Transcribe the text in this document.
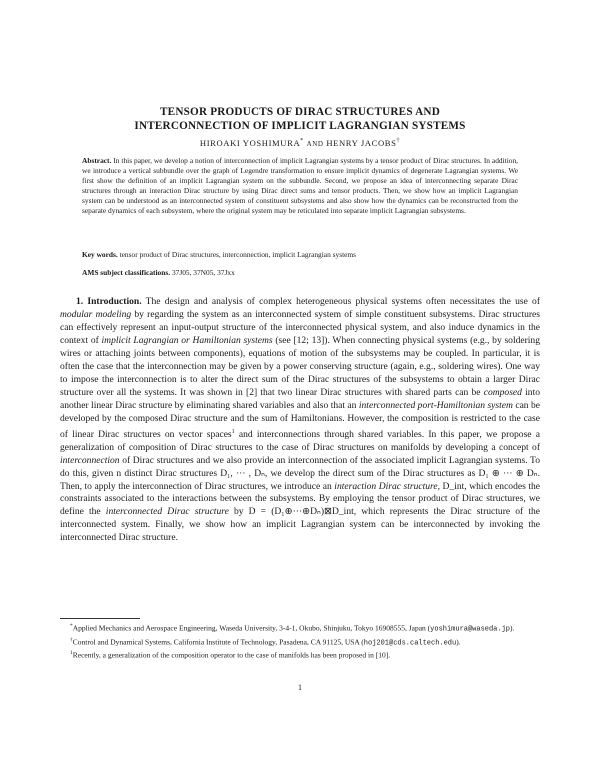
TENSOR PRODUCTS OF DIRAC STRUCTURES AND
INTERCONNECTION OF IMPLICIT LAGRANGIAN SYSTEMS
HIROAKI YOSHIMURA* AND HENRY JACOBS†
Abstract. In this paper, we develop a notion of interconnection of implicit Lagrangian systems by a tensor product of Dirac structures. In addition, we introduce a vertical subbundle over the graph of Legendre transformation to ensure implicit dynamics of degenerate Lagrangian systems. We first show the definition of an implicit Lagrangian system on the subbundle. Second, we propose an idea of interconnecting separate Dirac structures through an interaction Dirac structure by using Dirac direct sums and tensor products. Then, we show how an implicit Lagrangian system can be understood as an interconnected system of constituent subsystems and also show how the dynamics can be reconstructed from the separate dynamics of each subsystem, where the original system may be reticulated into separate implicit Lagrangian subsystems.
Key words. tensor product of Dirac structures, interconnection, implicit Lagrangian systems
AMS subject classifications. 37J05, 37N05, 37Jxx
1. Introduction. The design and analysis of complex heterogeneous physical systems often necessitates the use of modular modeling by regarding the system as an interconnected system of simple constituent subsystems. Dirac structures can effectively represent an input-output structure of the interconnected physical system, and also induce dynamics in the context of implicit Lagrangian or Hamiltonian systems (see [12; 13]). When connecting physical systems (e.g., by soldering wires or attaching joints between components), equations of motion of the subsystems may be coupled. In particular, it is often the case that the interconnection may be given by a power conserving structure (again, e.g., soldering wires). One way to impose the interconnection is to alter the direct sum of the Dirac structures of the subsystems to obtain a larger Dirac structure over all the systems. It was shown in [2] that two linear Dirac structures with shared parts can be composed into another linear Dirac structure by eliminating shared variables and also that an interconnected port-Hamiltonian system can be developed by the composed Dirac structure and the sum of Hamiltonians. However, the composition is restricted to the case of linear Dirac structures on vector spaces$^1$ and interconnections through shared variables. In this paper, we propose a generalization of composition of Dirac structures to the case of Dirac structures on manifolds by developing a concept of interconnection of Dirac structures and we also provide an interconnection of the associated implicit Lagrangian systems. To do this, given n distinct Dirac structures D₁, ··· , Dₙ, we develop the direct sum of the Dirac structures as D₁ ⊕ ··· ⊕ Dₙ. Then, to apply the interconnection of Dirac structures, we introduce an interaction Dirac structure, D_int, which encodes the constraints associated to the interactions between the subsystems. By employing the tensor product of Dirac structures, we define the interconnected Dirac structure by D = (D₁⊕···⊕Dₙ)⊠D_int, which represents the Dirac structure of the interconnected system. Finally, we show how an implicit Lagrangian system can be interconnected by invoking the interconnected Dirac structure.

*Applied Mechanics and Aerospace Engineering, Waseda University, 3-4-1, Okubo, Shinjuku, Tokyo 16908555, Japan (yoshimura@waseda.jp).

†Control and Dynamical Systems, California Institute of Technology, Pasadena, CA 91125, USA (hoj201@cds.caltech.edu).

$^1$Recently, a generalization of the composition operator to the case of manifolds has been proposed in [10].

1
